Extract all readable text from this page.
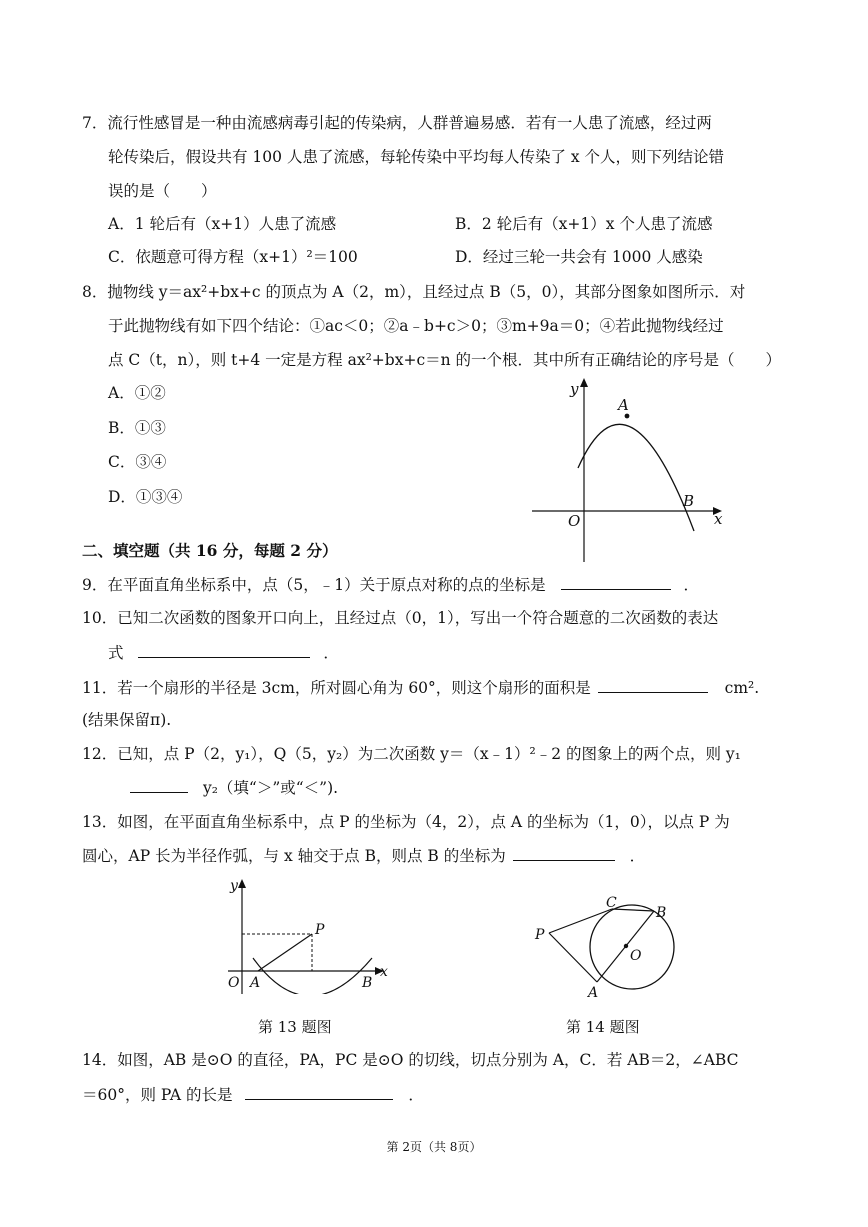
7．流行性感冒是一种由流感病毒引起的传染病，人群普遍易感．若有一人患了流感，经过两
轮传染后，假设共有 100 人患了流感，每轮传染中平均每人传染了 x 个人，则下列结论错
误的是（　　）
A．1 轮后有（x+1）人患了流感	B．2 轮后有（x+1）x 个人患了流感
C．依题意可得方程（x+1）²＝100	D．经过三轮一共会有 1000 人感染
8．抛物线 y＝ax²+bx+c 的顶点为 A（2，m），且经过点 B（5，0），其部分图象如图所示．对
于此抛物线有如下四个结论：①ac＜0；②a﹣b+c＞0；③m+9a＝0；④若此抛物线经过
点 C（t，n），则 t+4 一定是方程 ax²+bx+c＝n 的一个根．其中所有正确结论的序号是（　　）
A．①②
B．①③
C．③④
D．①③④
y
x
O
A
B
二、填空题（共 16 分，每题 2 分）
9．在平面直角坐标系中，点（5，﹣1）关于原点对称的点的坐标是	．
10．已知二次函数的图象开口向上，且经过点（0，1），写出一个符合题意的二次函数的表达
式	．
11．若一个扇形的半径是 3cm，所对圆心角为 60°，则这个扇形的面积是	cm².
(结果保留π).
12．已知，点 P（2，y₁），Q（5，y₂）为二次函数 y＝（x﹣1）²﹣2 的图象上的两个点，则 y₁
y₂（填“＞”或“＜”).
13．如图，在平面直角坐标系中，点 P 的坐标为（4，2），点 A 的坐标为（1，0），以点 P 为
圆心，AP 长为半径作弧，与 x 轴交于点 B，则点 B 的坐标为	．
y
x
O A	B
P
第 13 题图
P
C
B
O
A
第 14 题图
14．如图，AB 是⊙O 的直径，PA，PC 是⊙O 的切线，切点分别为 A，C．若 AB＝2，∠ABC
＝60°，则 PA 的长是	．
第 2页（共 8页）
